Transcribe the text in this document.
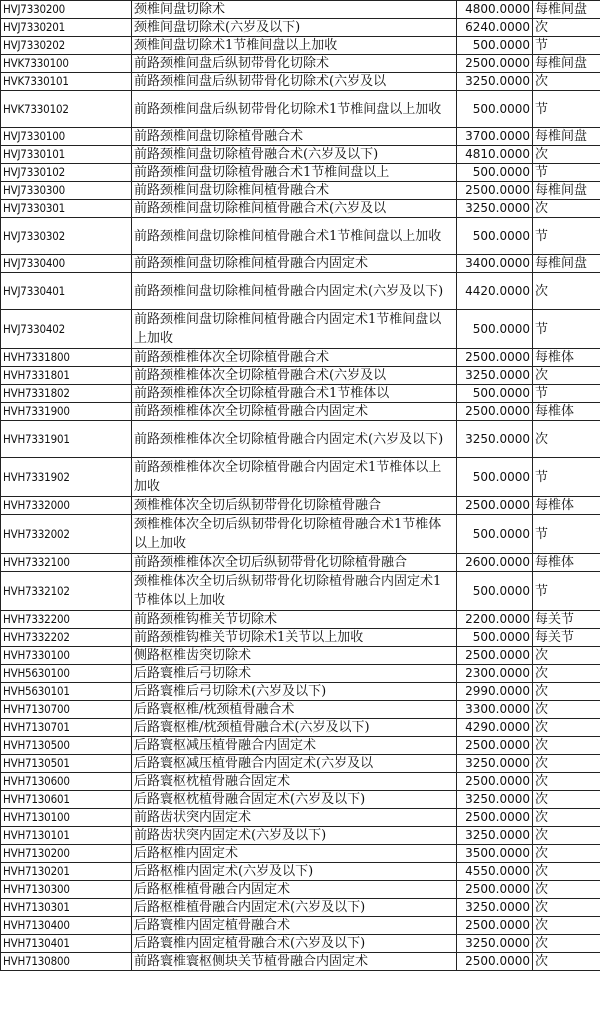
HVJ7330200	颈椎间盘切除术	4800.0000	每椎间盘
HVJ7330201	颈椎间盘切除术(六岁及以下)	6240.0000	次
HVJ7330202	颈椎间盘切除术1节椎间盘以上加收	500.0000	节
HVK7330100	前路颈椎间盘后纵韧带骨化切除术	2500.0000	每椎间盘
HVK7330101	前路颈椎间盘后纵韧带骨化切除术(六岁及以	3250.0000	次
HVK7330102	前路颈椎间盘后纵韧带骨化切除术1节椎间盘以上加收	500.0000	节
HVJ7330100	前路颈椎间盘切除植骨融合术	3700.0000	每椎间盘
HVJ7330101	前路颈椎间盘切除植骨融合术(六岁及以下)	4810.0000	次
HVJ7330102	前路颈椎间盘切除植骨融合术1节椎间盘以上	500.0000	节
HVJ7330300	前路颈椎间盘切除椎间植骨融合术	2500.0000	每椎间盘
HVJ7330301	前路颈椎间盘切除椎间植骨融合术(六岁及以	3250.0000	次
HVJ7330302	前路颈椎间盘切除椎间植骨融合术1节椎间盘以上加收	500.0000	节
HVJ7330400	前路颈椎间盘切除椎间植骨融合内固定术	3400.0000	每椎间盘
HVJ7330401	前路颈椎间盘切除椎间植骨融合内固定术(六岁及以下)	4420.0000	次
HVJ7330402	前路颈椎间盘切除椎间植骨融合内固定术1节椎间盘以上加收	500.0000	节
HVH7331800	前路颈椎椎体次全切除植骨融合术	2500.0000	每椎体
HVH7331801	前路颈椎椎体次全切除植骨融合术(六岁及以	3250.0000	次
HVH7331802	前路颈椎椎体次全切除植骨融合术1节椎体以	500.0000	节
HVH7331900	前路颈椎椎体次全切除植骨融合内固定术	2500.0000	每椎体
HVH7331901	前路颈椎椎体次全切除植骨融合内固定术(六岁及以下)	3250.0000	次
HVH7331902	前路颈椎椎体次全切除植骨融合内固定术1节椎体以上加收	500.0000	节
HVH7332000	颈椎椎体次全切后纵韧带骨化切除植骨融合	2500.0000	每椎体
HVH7332002	颈椎椎体次全切后纵韧带骨化切除植骨融合术1节椎体以上加收	500.0000	节
HVH7332100	前路颈椎椎体次全切后纵韧带骨化切除植骨融合	2600.0000	每椎体
HVH7332102	颈椎椎体次全切后纵韧带骨化切除植骨融合内固定术1节椎体以上加收	500.0000	节
HVH7332200	前路颈椎钩椎关节切除术	2200.0000	每关节
HVH7332202	前路颈椎钩椎关节切除术1关节以上加收	500.0000	每关节
HVH7330100	侧路枢椎齿突切除术	2500.0000	次
HVH5630100	后路寰椎后弓切除术	2300.0000	次
HVH5630101	后路寰椎后弓切除术(六岁及以下)	2990.0000	次
HVH7130700	后路寰枢椎/枕颈植骨融合术	3300.0000	次
HVH7130701	后路寰枢椎/枕颈植骨融合术(六岁及以下)	4290.0000	次
HVH7130500	后路寰枢减压植骨融合内固定术	2500.0000	次
HVH7130501	后路寰枢减压植骨融合内固定术(六岁及以	3250.0000	次
HVH7130600	后路寰枢枕植骨融合固定术	2500.0000	次
HVH7130601	后路寰枢枕植骨融合固定术(六岁及以下)	3250.0000	次
HVH7130100	前路齿状突内固定术	2500.0000	次
HVH7130101	前路齿状突内固定术(六岁及以下)	3250.0000	次
HVH7130200	后路枢椎内固定术	3500.0000	次
HVH7130201	后路枢椎内固定术(六岁及以下)	4550.0000	次
HVH7130300	后路枢椎植骨融合内固定术	2500.0000	次
HVH7130301	后路枢椎植骨融合内固定术(六岁及以下)	3250.0000	次
HVH7130400	后路寰椎内固定植骨融合术	2500.0000	次
HVH7130401	后路寰椎内固定植骨融合术(六岁及以下)	3250.0000	次
HVH7130800	前路寰椎寰枢侧块关节植骨融合内固定术	2500.0000	次
